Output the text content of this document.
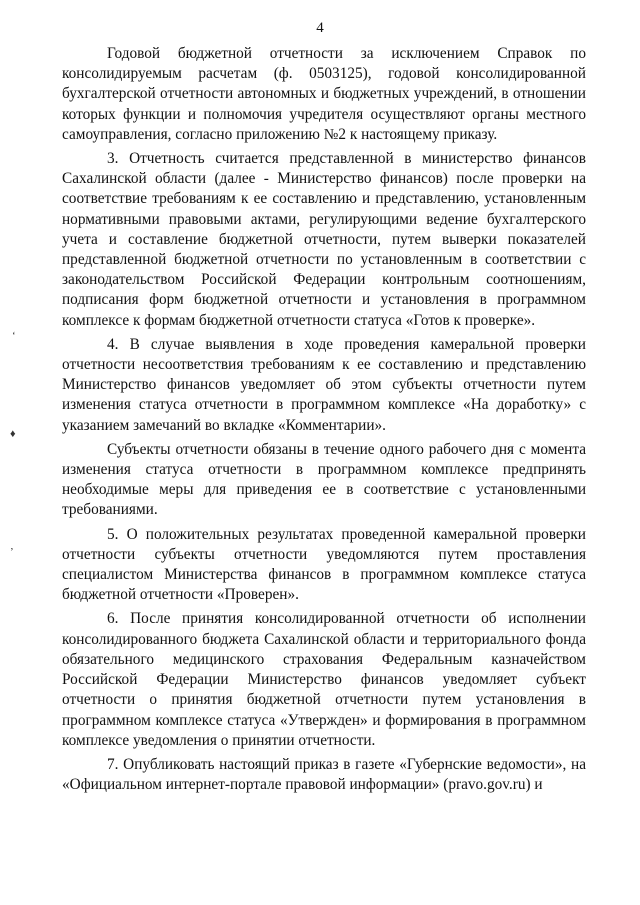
4
‘
♦
’

Годовой бюджетной отчетности за исключением Справок по консолидируемым расчетам (ф. 0503125), годовой консолидированной бухгалтерской отчетности автономных и бюджетных учреждений, в отношении которых функции и полномочия учредителя осуществляют органы местного самоуправления, согласно приложению №2 к настоящему приказу.

3. Отчетность считается представленной в министерство финансов Сахалинской области (далее - Министерство финансов) после проверки на соответствие требованиям к ее составлению и представлению, установленным нормативными правовыми актами, регулирующими ведение бухгалтерского учета и составление бюджетной отчетности, путем выверки показателей представленной бюджетной отчетности по установленным в соответствии с законодательством Российской Федерации контрольным соотношениям, подписания форм бюджетной отчетности и установления в программном комплексе к формам бюджетной отчетности статуса «Готов к проверке».

4. В случае выявления в ходе проведения камеральной проверки отчетности несоответствия требованиям к ее составлению и представлению Министерство финансов уведомляет об этом субъекты отчетности путем изменения статуса отчетности в программном комплексе «На доработку» с указанием замечаний во вкладке «Комментарии».

Субъекты отчетности обязаны в течение одного рабочего дня с момента изменения статуса отчетности в программном комплексе предпринять необходимые меры для приведения ее в соответствие с установленными требованиями.

5. О положительных результатах проведенной камеральной проверки отчетности субъекты отчетности уведомляются путем проставления специалистом Министерства финансов в программном комплексе статуса бюджетной отчетности «Проверен».

6. После принятия консолидированной отчетности об исполнении консолидированного бюджета Сахалинской области и территориального фонда обязательного медицинского страхования Федеральным казначейством Российской Федерации Министерство финансов уведомляет субъект отчетности о принятия бюджетной отчетности путем установления в программном комплексе статуса «Утвержден» и формирования в программном комплексе уведомления о принятии отчетности.

7. Опубликовать настоящий приказ в газете «Губернские ведомости», на «Официальном интернет-портале правовой информации» (pravo.gov.ru) и
